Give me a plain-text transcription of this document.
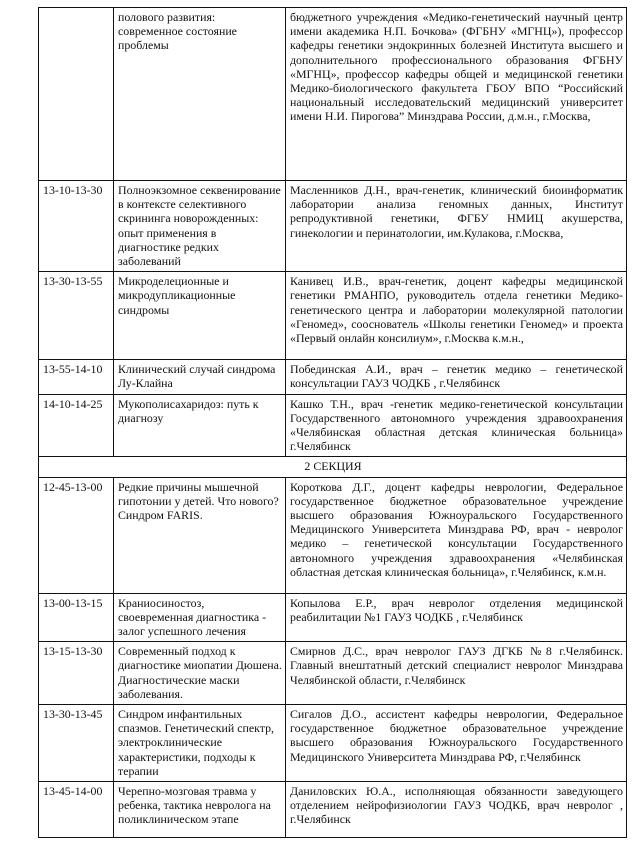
	полового развития: современное состояние проблемы	бюджетного учреждения «Медико-генетический научный центр имени академика Н.П. Бочкова» (ФГБНУ «МГНЦ»), профессор кафедры генетики эндокринных болезней Института высшего и дополнительного профессионального образования ФГБНУ «МГНЦ», профессор кафедры общей и медицинской генетики Медико-биологического факультета ГБОУ ВПО “Российский национальный исследовательский медицинский университет имени Н.И. Пирогова” Минздрава России, д.м.н., г.Москва,
13-10-13-30	Полноэкзомное секвенирование в контексте селективного скрининга новорожденных: опыт применения в диагностике редких заболеваний	Масленников Д.Н., врач-генетик, клинический биоинформатик лаборатории анализа геномных данных, Институт репродуктивной генетики, ФГБУ НМИЦ акушерства, гинекологии и перинатологии, им.Кулакова, г.Москва,
13-30-13-55	Микроделеционные и микродупликационные синдромы	Канивец И.В., врач-генетик, доцент кафедры медицинской генетики РМАНПО, руководитель отдела генетики Медико-генетического центра и лаборатории молекулярной патологии «Геномед», сооснователь «Школы генетики Геномед» и проекта «Первый онлайн консилиум», г.Москва к.м.н.,
13-55-14-10	Клинический случай синдрома Лу-Клайна	Побединская А.И., врач – генетик медико – генетической консультации ГАУЗ ЧОДКБ , г.Челябинск
14-10-14-25	Мукополисахаридоз: путь к диагнозу	Кашко Т.Н., врач -генетик медико-генетической консультации Государственного автономного учреждения здравоохранения «Челябинская областная детская клиническая больница» г.Челябинск
2 СЕКЦИЯ		
12-45-13-00	Редкие причины мышечной гипотонии у детей. Что нового? Синдром FARIS.	Короткова Д.Г., доцент кафедры неврологии, Федеральное государственное бюджетное образовательное учреждение высшего образования Южноуральского Государственного Медицинского Университета Минздрава РФ, врач - невролог медико – генетической консультации Государственного автономного учреждения здравоохранения «Челябинская областная детская клиническая больница», г.Челябинск, к.м.н.
13-00-13-15	Краниосиностоз, своевременная диагностика - залог успешного лечения	Копылова Е.Р., врач невролог отделения медицинской реабилитации №1 ГАУЗ ЧОДКБ , г.Челябинск
13-15-13-30	Современный подход к диагностике миопатии Дюшена. Диагностические маски заболевания.	Смирнов Д.С., врач невролог ГАУЗ ДГКБ №8 г.Челябинск. Главный внештатный детский специалист невролог Минздрава Челябинской области, г.Челябинск
13-30-13-45	Синдром инфантильных спазмов. Генетический спектр, электроклинические характеристики, подходы к терапии	Сигалов Д.О., ассистент кафедры неврологии, Федеральное государственное бюджетное образовательное учреждение высшего образования Южноуральского Государственного Медицинского Университета Минздрава РФ, г.Челябинск
13-45-14-00	Черепно-мозговая травма у ребенка, тактика невролога на поликлиническом этапе	Даниловских Ю.А., исполняющая обязанности заведующего отделением нейрофизиологии ГАУЗ ЧОДКБ, врач невролог , г.Челябинск
